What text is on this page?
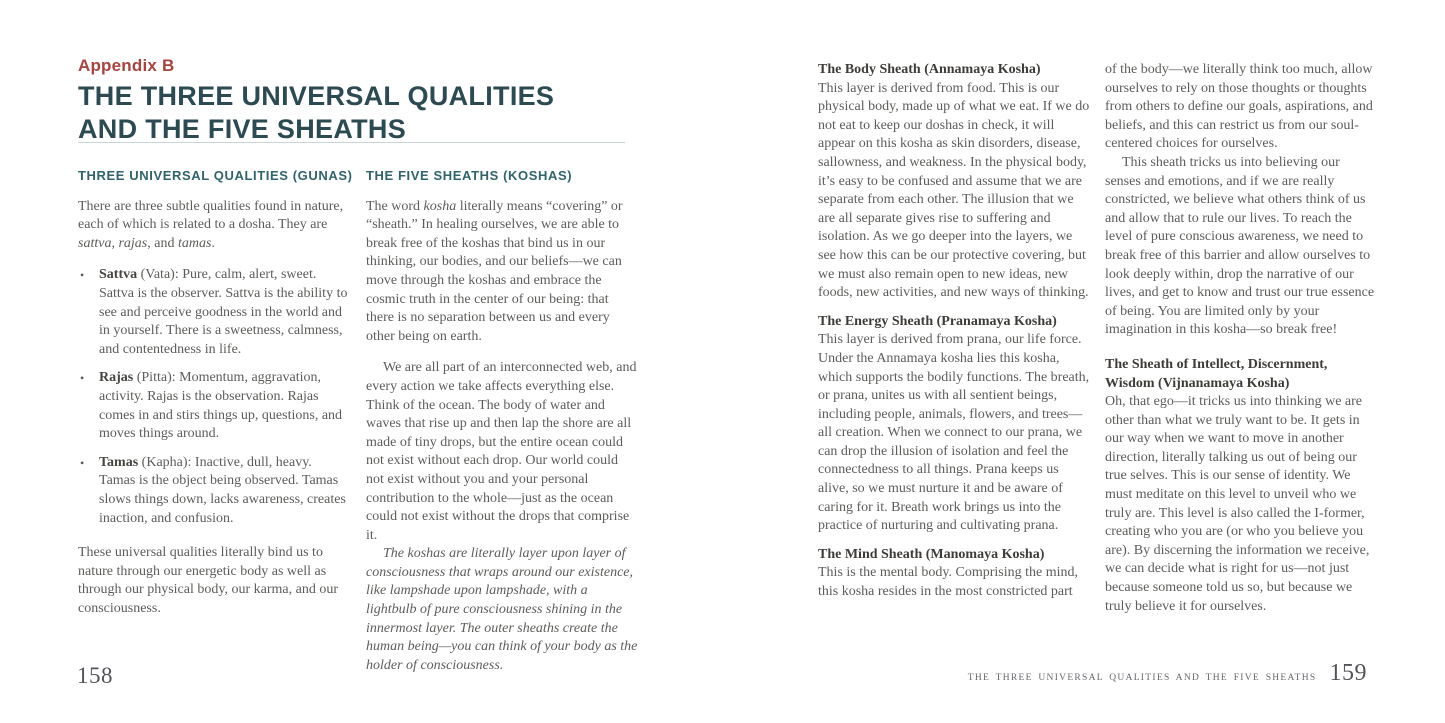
Appendix B
THE THREE UNIVERSAL QUALITIES
AND THE FIVE SHEATHS
THREE UNIVERSAL QUALITIES (GUNAS)

There are three subtle qualities found in nature, each of which is related to a dosha. They are sattva, rajas, and tamas.

• Sattva (Vata): Pure, calm, alert, sweet. Sattva is the observer. Sattva is the ability to see and perceive goodness in the world and in yourself. There is a sweetness, calmness, and contentedness in life.
• Rajas (Pitta): Momentum, aggravation, activity. Rajas is the observation. Rajas comes in and stirs things up, questions, and moves things around.
• Tamas (Kapha): Inactive, dull, heavy. Tamas is the object being observed. Tamas slows things down, lacks awareness, creates inaction, and confusion.

These universal qualities literally bind us to nature through our energetic body as well as through our physical body, our karma, and our consciousness.

THE FIVE SHEATHS (KOSHAS)

The word kosha literally means “covering” or “sheath.” In healing ourselves, we are able to break free of the koshas that bind us in our thinking, our bodies, and our beliefs—we can move through the koshas and embrace the cosmic truth in the center of our being: that there is no separation between us and every other being on earth.

We are all part of an interconnected web, and every action we take affects everything else. Think of the ocean. The body of water and waves that rise up and then lap the shore are all made of tiny drops, but the entire ocean could not exist without each drop. Our world could not exist without you and your personal contribution to the whole—just as the ocean could not exist without the drops that comprise it.

The koshas are literally layer upon layer of consciousness that wraps around our existence, like lampshade upon lampshade, with a lightbulb of pure consciousness shining in the innermost layer. The outer sheaths create the human being—you can think of your body as the holder of consciousness.

158

The Body Sheath (Annamaya Kosha)

This layer is derived from food. This is our physical body, made up of what we eat. If we do not eat to keep our doshas in check, it will appear on this kosha as skin disorders, disease, sallowness, and weakness. In the physical body, it’s easy to be confused and assume that we are separate from each other. The illusion that we are all separate gives rise to suffering and isolation. As we go deeper into the layers, we see how this can be our protective covering, but we must also remain open to new ideas, new foods, new activities, and new ways of thinking.

The Energy Sheath (Pranamaya Kosha)

This layer is derived from prana, our life force. Under the Annamaya kosha lies this kosha, which supports the bodily functions. The breath, or prana, unites us with all sentient beings, including people, animals, flowers, and trees—all creation. When we connect to our prana, we can drop the illusion of isolation and feel the connectedness to all things. Prana keeps us alive, so we must nurture it and be aware of caring for it. Breath work brings us into the practice of nurturing and cultivating prana.

The Mind Sheath (Manomaya Kosha)

This is the mental body. Comprising the mind, this kosha resides in the most constricted part

of the body—we literally think too much, allow ourselves to rely on those thoughts or thoughts from others to define our goals, aspirations, and beliefs, and this can restrict us from our soul-centered choices for ourselves.

This sheath tricks us into believing our senses and emotions, and if we are really constricted, we believe what others think of us and allow that to rule our lives. To reach the level of pure conscious awareness, we need to break free of this barrier and allow ourselves to look deeply within, drop the narrative of our lives, and get to know and trust our true essence of being. You are limited only by your imagination in this kosha—so break free!

The Sheath of Intellect, Discernment, Wisdom (Vijnanamaya Kosha)

Oh, that ego—it tricks us into thinking we are other than what we truly want to be. It gets in our way when we want to move in another direction, literally talking us out of being our true selves. This is our sense of identity. We must meditate on this level to unveil who we truly are. This level is also called the I-former, creating who you are (or who you believe you are). By discerning the information we receive, we can decide what is right for us—not just because someone told us so, but because we truly believe it for ourselves.

THE THREE UNIVERSAL QUALITIES AND THE FIVE SHEATHS 159
